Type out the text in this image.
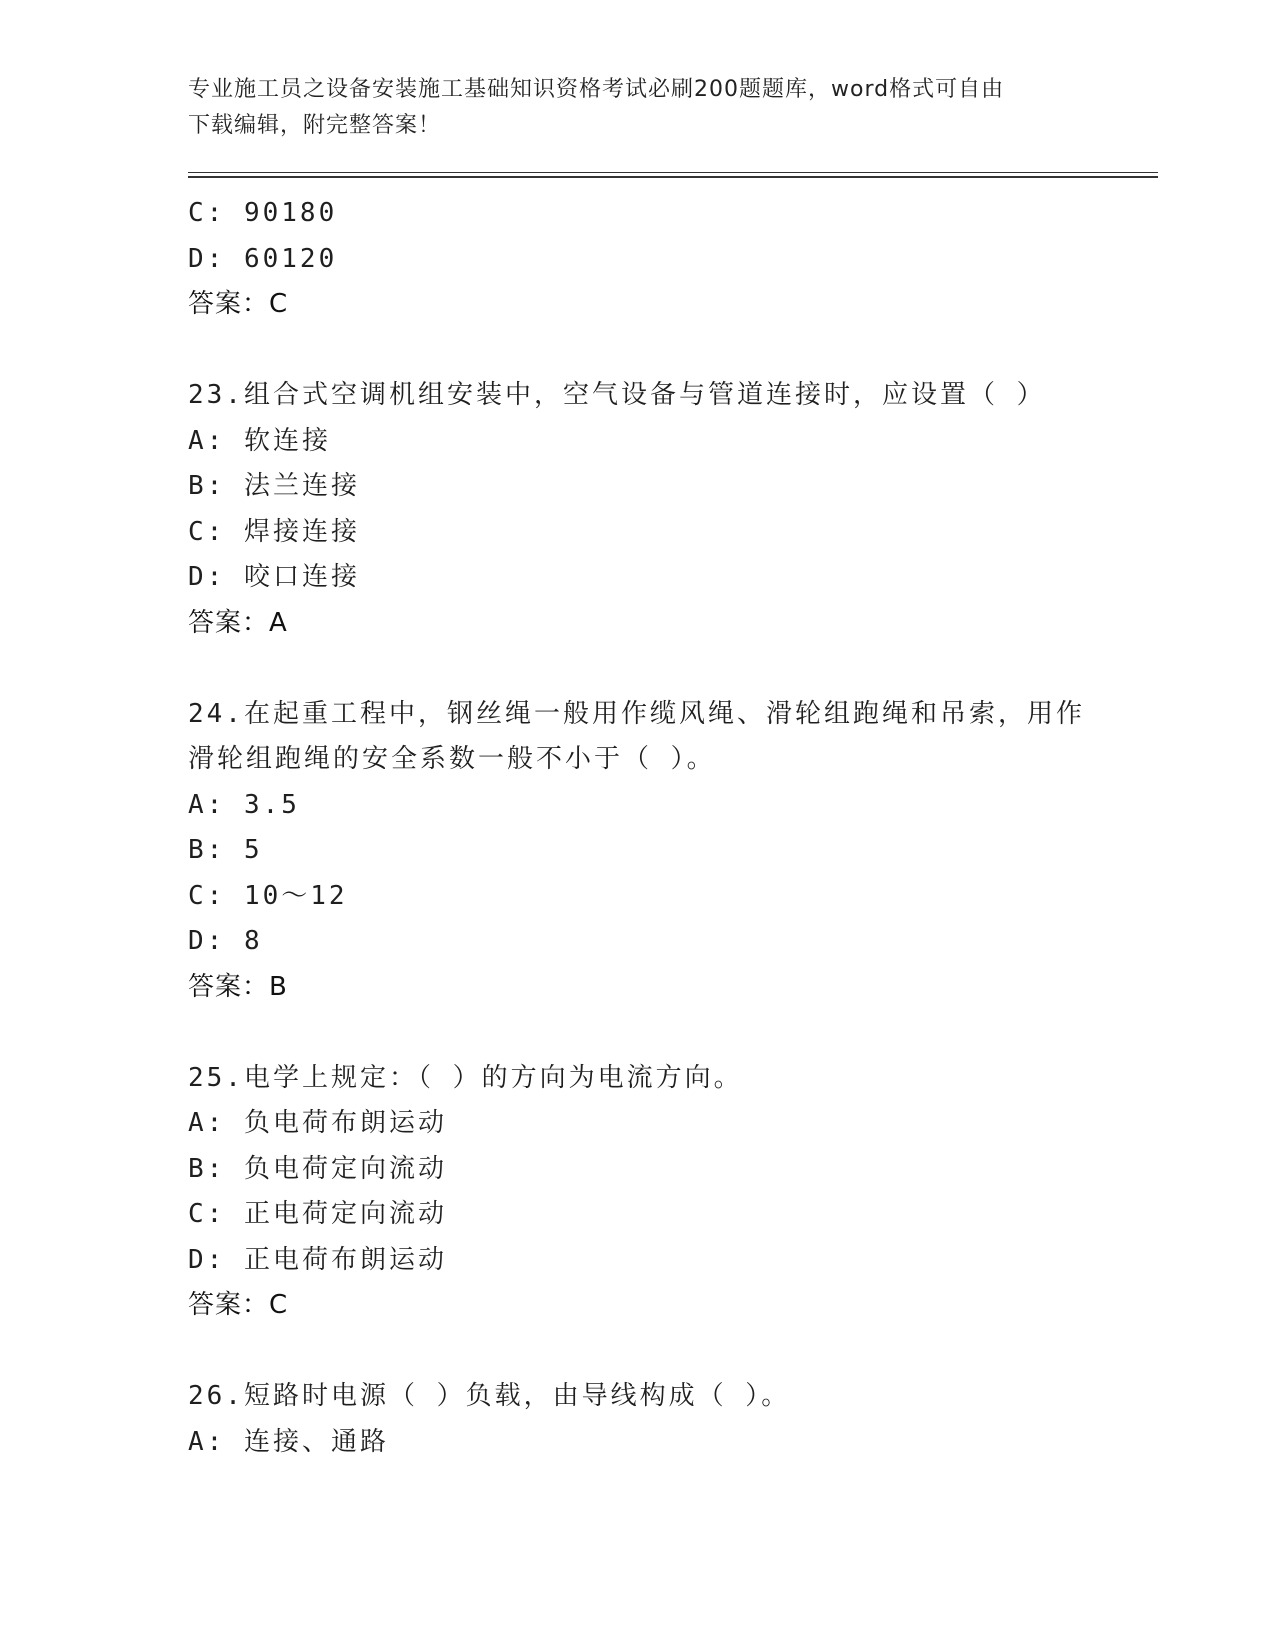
专业施工员之设备安装施工基础知识资格考试必刷200题题库，word格式可自由
下载编辑，附完整答案！
C: 90180
D: 60120
答案：C
23.组合式空调机组安装中，空气设备与管道连接时，应设置（ ）
A: 软连接
B: 法兰连接
C: 焊接连接
D: 咬口连接
答案：A
24.在起重工程中，钢丝绳一般用作缆风绳、滑轮组跑绳和吊索，用作
滑轮组跑绳的安全系数一般不小于（ ）。
A: 3.5
B: 5
C: 10～12
D: 8
答案：B
25.电学上规定：（ ）的方向为电流方向。
A: 负电荷布朗运动
B: 负电荷定向流动
C: 正电荷定向流动
D: 正电荷布朗运动
答案：C
26.短路时电源（ ）负载，由导线构成（ ）。
A: 连接、通路
